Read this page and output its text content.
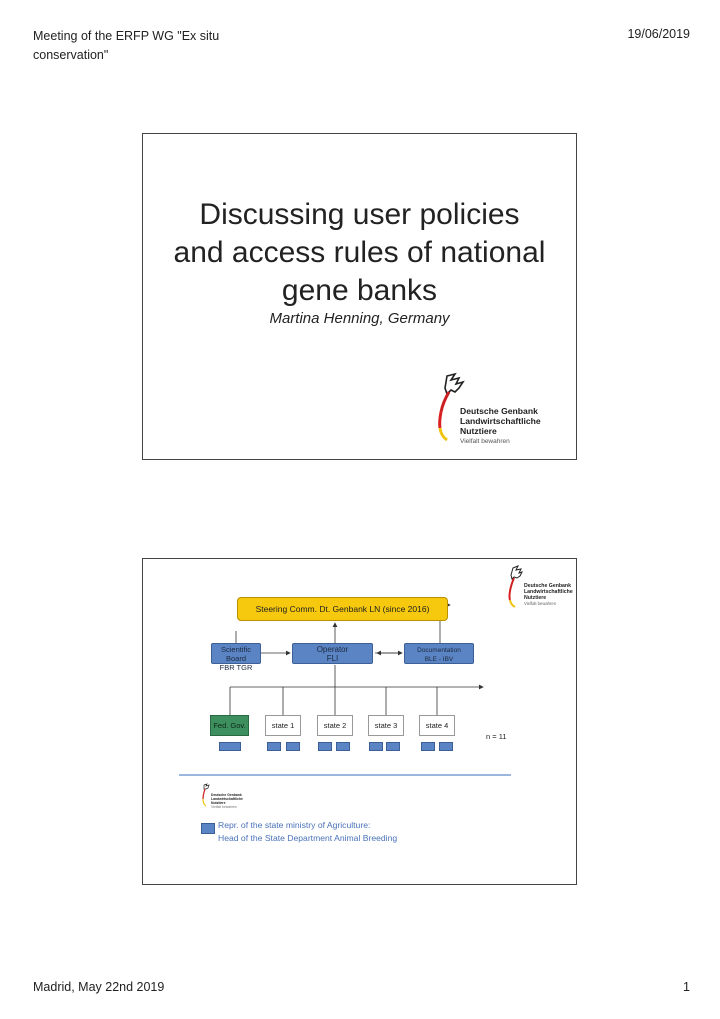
Meeting of the ERFP WG "Ex situ
conservation"
19/06/2019
Discussing user policies
and access rules of national
gene banks
Martina Henning, Germany
Deutsche Genbank
Landwirtschaftliche
Nutztiere
Vielfalt bewahren
Deutsche Genbank
Landwirtschaftliche
Nutztiere
Vielfalt bewahren
Steering Comm. Dt. Genbank LN (since 2016)
Scientific Board
FBR TGR
Operator
FLI
Documentation
BLE - IBV
Fed. Gov.	state 1	state 2	state 3	state 4
n = 11
Deutsche Genbank
Landwirtschaftliche
Nutztiere
Vielfalt bewahren
Repr. of the state ministry of Agriculture:
Head of the State Department Animal Breeding
Madrid, May 22nd 2019	1
